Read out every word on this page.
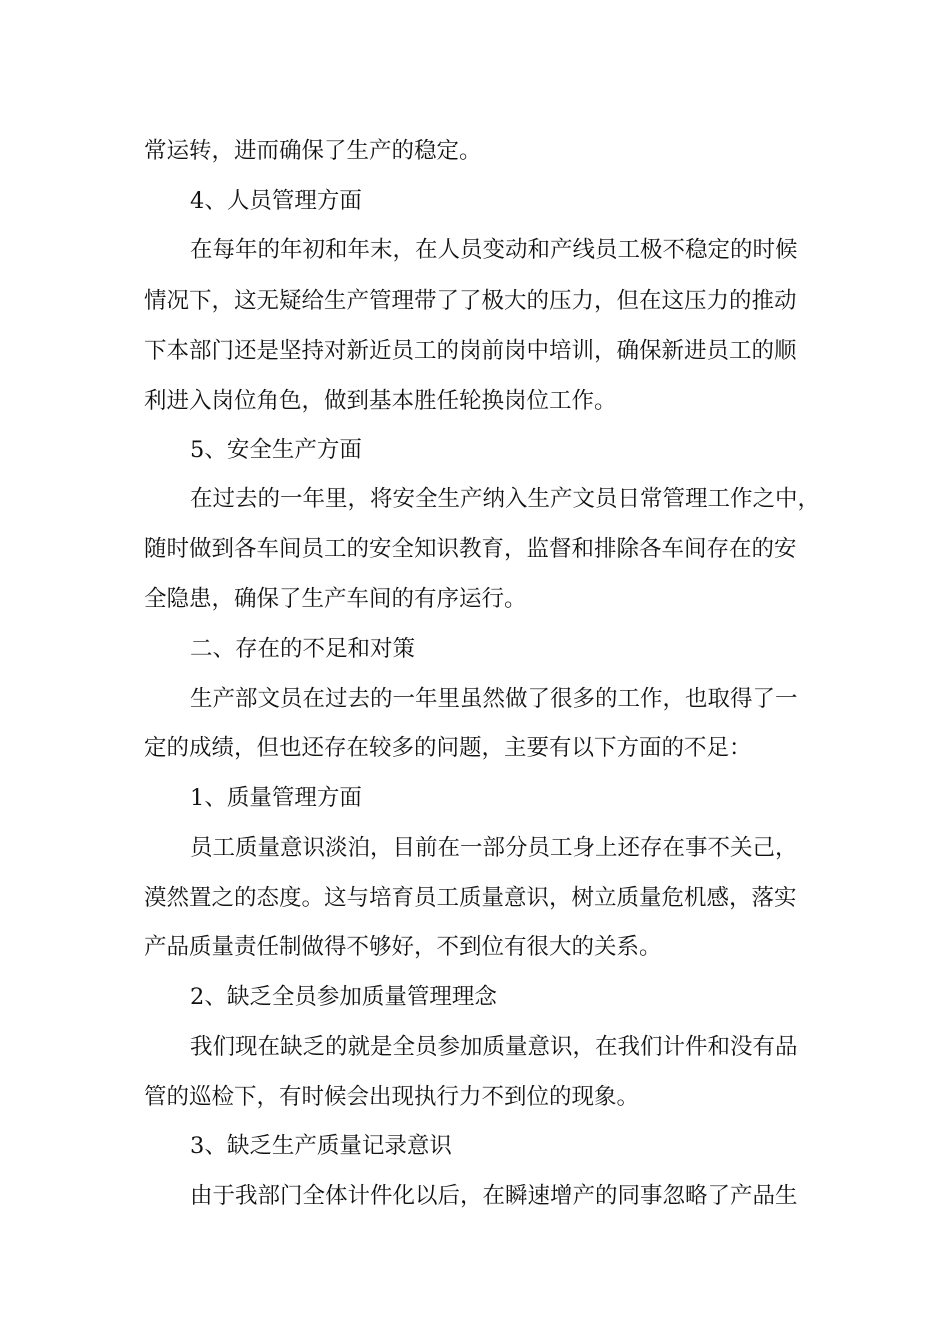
常运转，进而确保了生产的稳定。
4、人员管理方面
在每年的年初和年末，在人员变动和产线员工极不稳定的时候
情况下，这无疑给生产管理带了了极大的压力，但在这压力的推动
下本部门还是坚持对新近员工的岗前岗中培训，确保新进员工的顺
利进入岗位角色，做到基本胜任轮换岗位工作。
5、安全生产方面
在过去的一年里，将安全生产纳入生产文员日常管理工作之中，
随时做到各车间员工的安全知识教育，监督和排除各车间存在的安
全隐患，确保了生产车间的有序运行。
二、存在的不足和对策
生产部文员在过去的一年里虽然做了很多的工作，也取得了一
定的成绩，但也还存在较多的问题，主要有以下方面的不足：
1、质量管理方面
员工质量意识淡泊，目前在一部分员工身上还存在事不关己，
漠然置之的态度。这与培育员工质量意识，树立质量危机感，落实
产品质量责任制做得不够好，不到位有很大的关系。
2、缺乏全员参加质量管理理念
我们现在缺乏的就是全员参加质量意识，在我们计件和没有品
管的巡检下，有时候会出现执行力不到位的现象。
3、缺乏生产质量记录意识
由于我部门全体计件化以后，在瞬速增产的同事忽略了产品生
